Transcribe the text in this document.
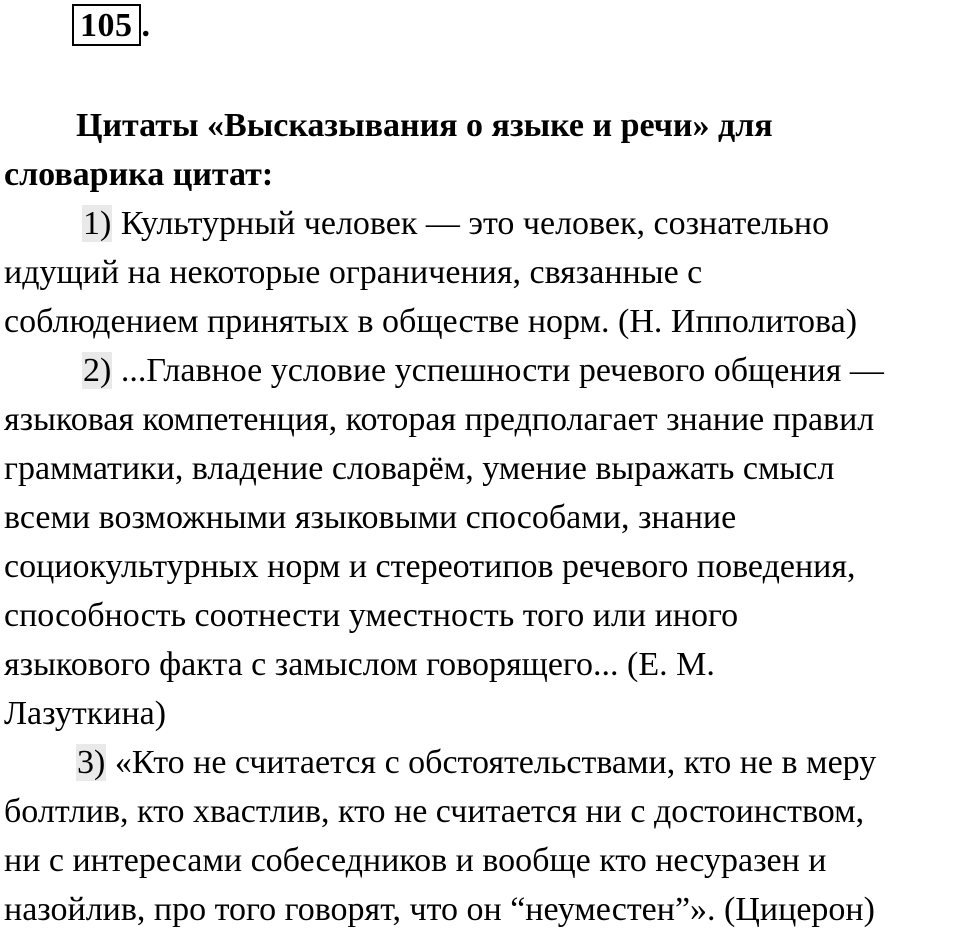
105 .

Цитаты «Высказывания о языке и речи» для
словарика цитат:

1) Культурный человек — это человек, сознательно
идущий на некоторые ограничения, связанные с
соблюдением принятых в обществе норм. (Н. Ипполитова)

2) ...Главное условие успешности речевого общения —
языковая компетенция, которая предполагает знание правил
грамматики, владение словарём, умение выражать смысл
всеми возможными языковыми способами, знание
социокультурных норм и стереотипов речевого поведения,
способность соотнести уместность того или иного
языкового факта с замыслом говорящего... (Е. М.
Лазуткина)

3) «Кто не считается с обстоятельствами, кто не в меру
болтлив, кто хвастлив, кто не считается ни с достоинством,
ни с интересами собеседников и вообще кто несуразен и
назойлив, про того говорят, что он “неуместен”». (Цицерон)
